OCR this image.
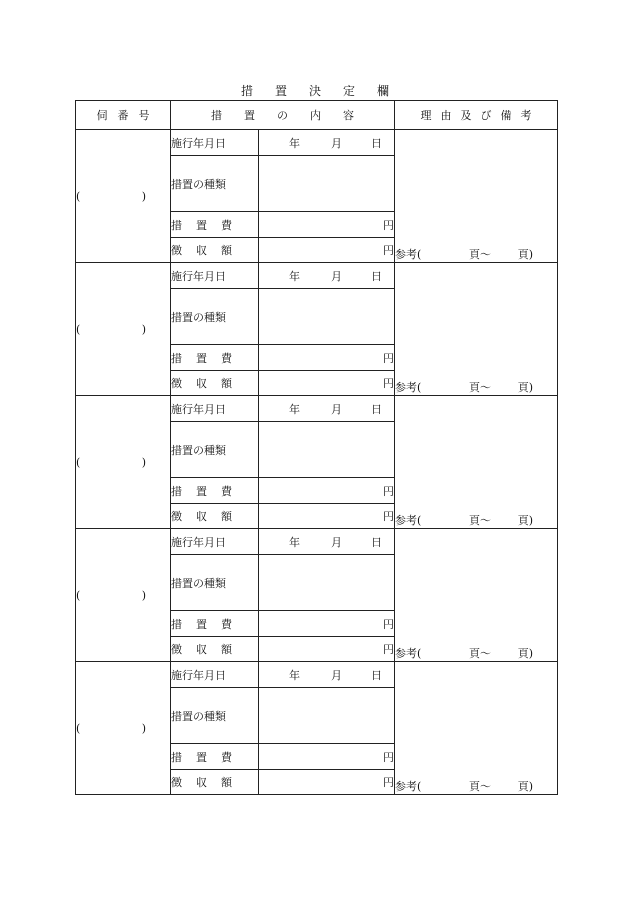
措置決定欄
伺番号	措置の内容		理由及び備考
( )	施行年月日	年 月 日	参考( 頁～ 頁)

	措置の種類		
	措置費	円	
	徴収額	円	
( )	施行年月日	年 月 日	参考( 頁～ 頁)

	措置の種類		
	措置費	円	
	徴収額	円	
( )	施行年月日	年 月 日	参考( 頁～ 頁)

	措置の種類		
	措置費	円	
	徴収額	円	
( )	施行年月日	年 月 日	参考( 頁～ 頁)

	措置の種類		
	措置費	円	
	徴収額	円	
( )	施行年月日	年 月 日	参考( 頁～ 頁)

	措置の種類		
	措置費	円	
	徴収額	円	
